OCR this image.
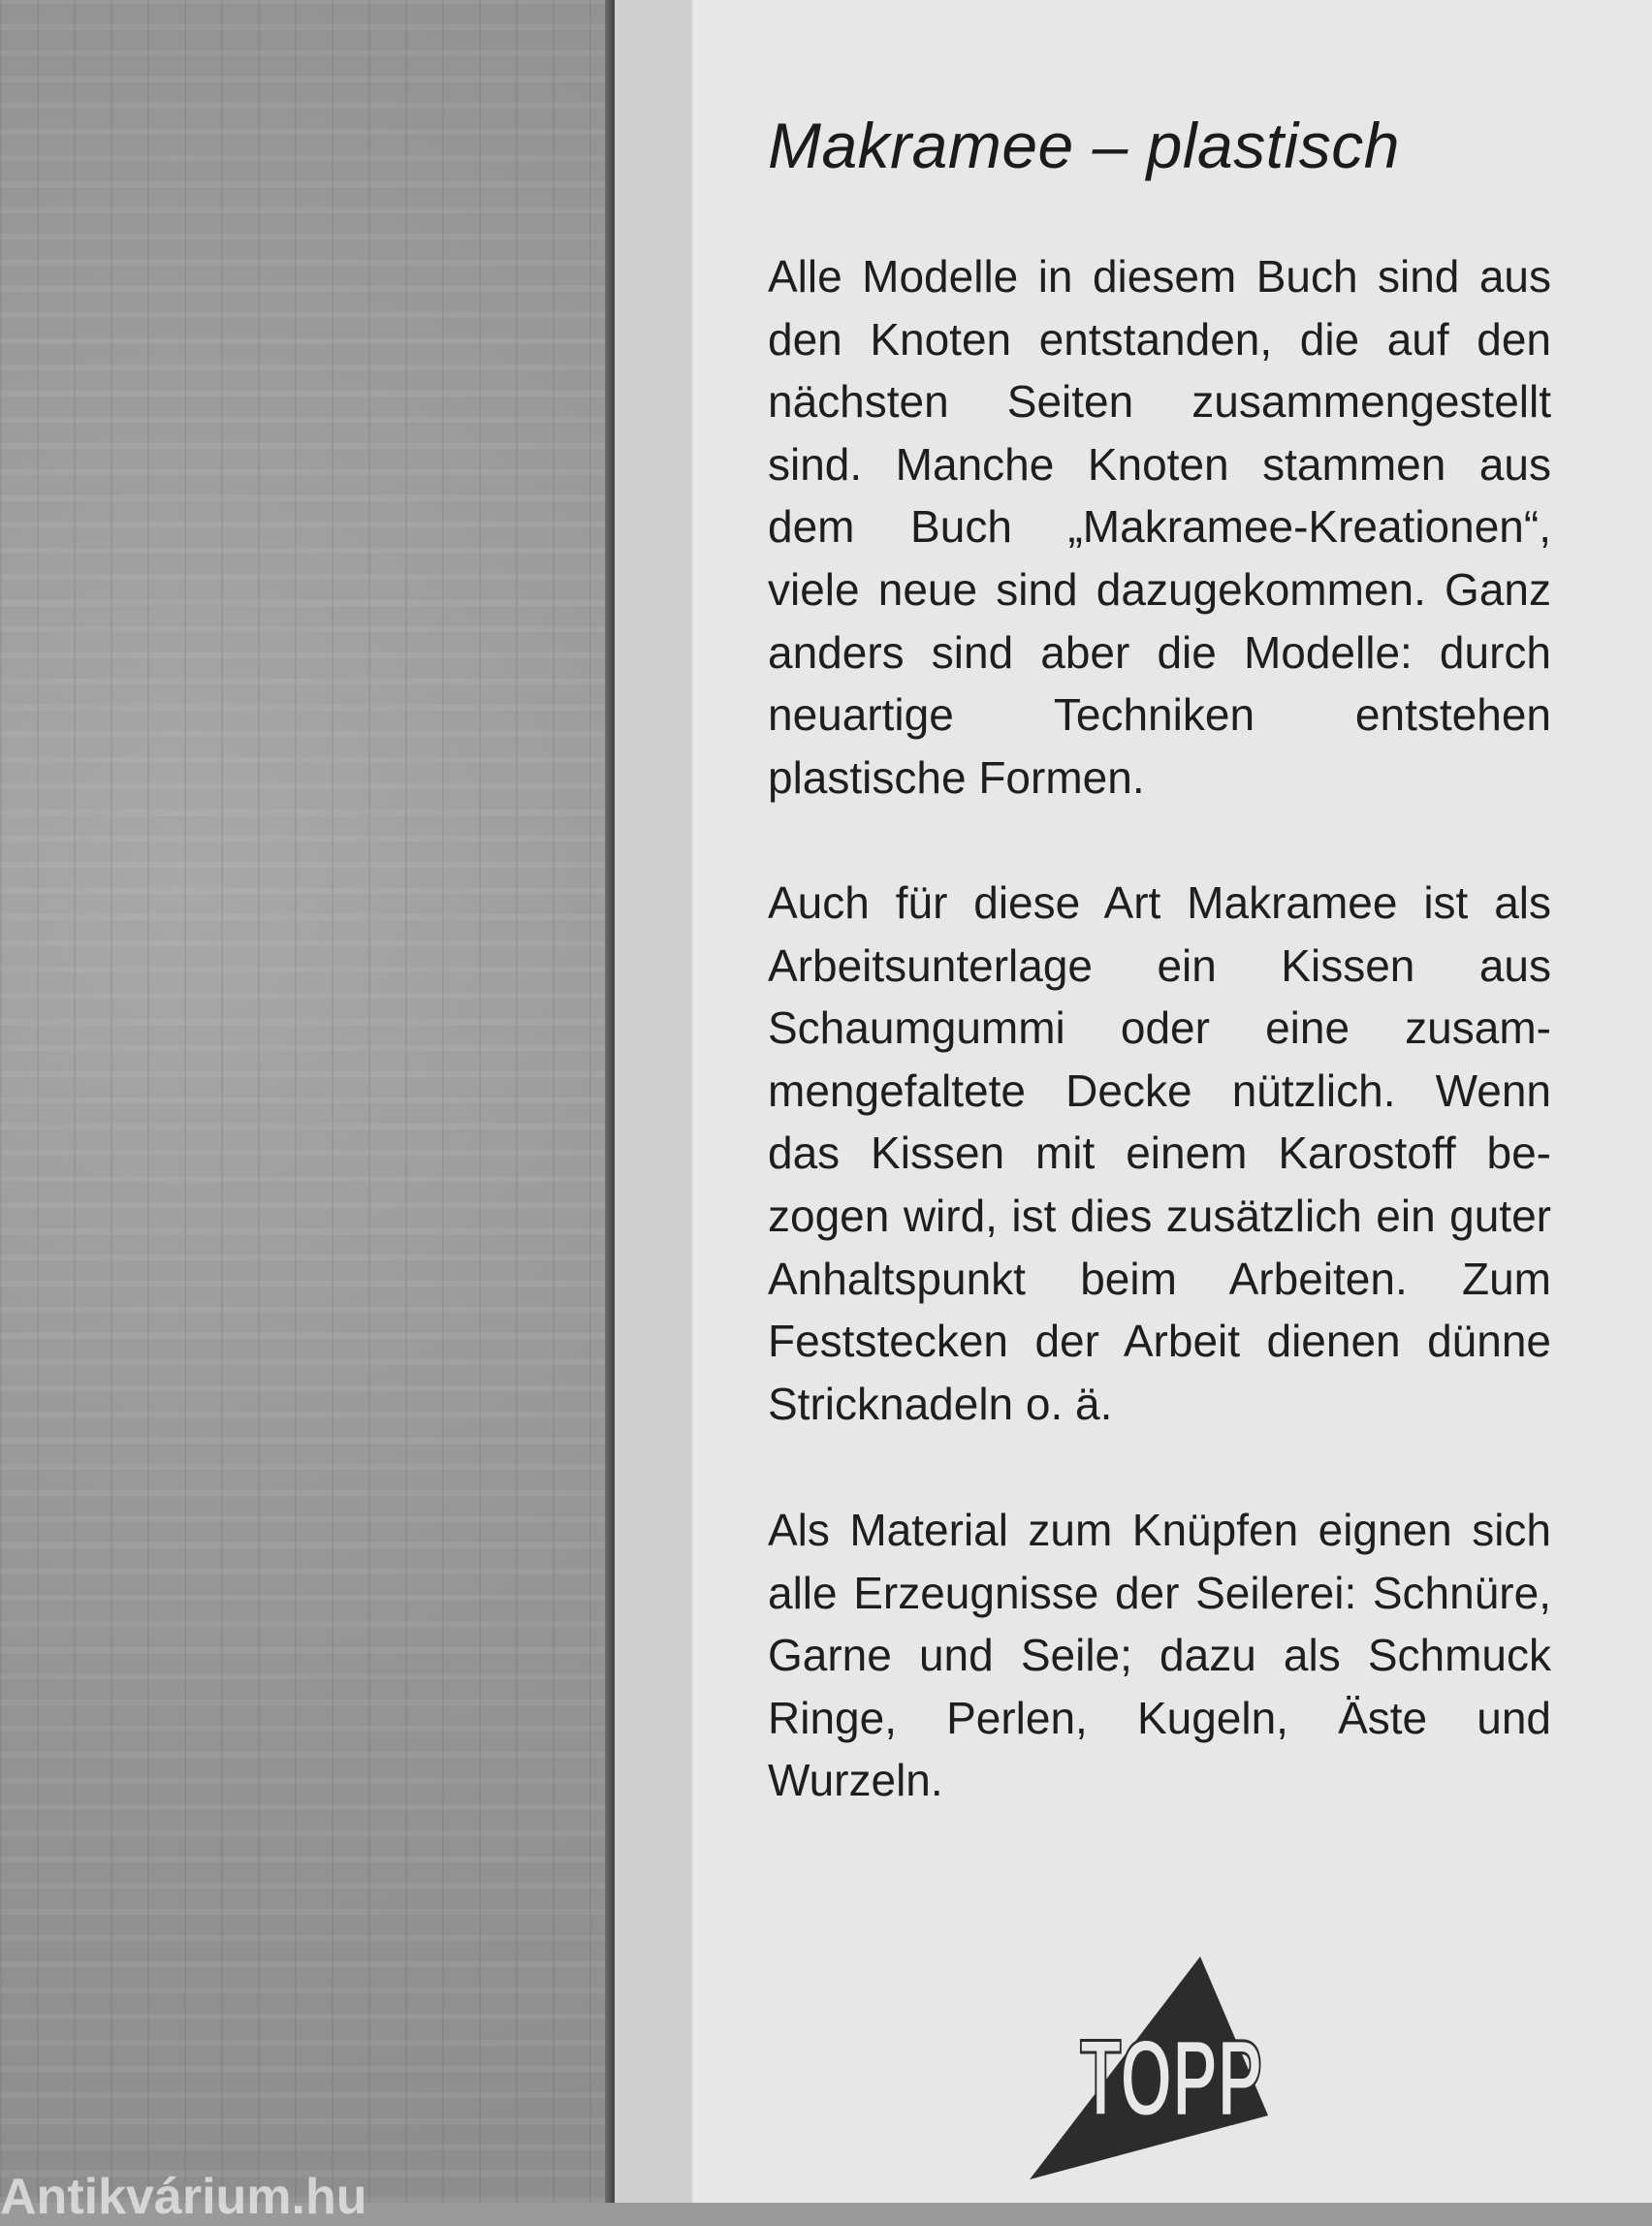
Makramee – plastisch

Alle Modelle in diesem Buch sind aus den Knoten entstanden, die auf den nächsten Seiten zusammengestellt sind. Manche Knoten stammen aus dem Buch „Makramee-Kreationen“, viele neue sind dazugekommen. Ganz anders sind aber die Modelle: durch neuartige Techniken entstehen plastische Formen.

Auch für diese Art Makramee ist als Arbeitsunterlage ein Kissen aus Schaumgummi oder eine zusammengefaltete Decke nützlich. Wenn das Kissen mit einem Karostoff bezogen wird, ist dies zusätzlich ein guter Anhaltspunkt beim Arbeiten. Zum Feststecken der Arbeit dienen dünne Stricknadeln o. ä.

Als Material zum Knüpfen eignen sich alle Erzeugnisse der Seilerei: Schnüre, Garne und Seile; dazu als Schmuck Ringe, Perlen, Kugeln, Äste und Wurzeln.

TOPP
Antikvárium.hu
